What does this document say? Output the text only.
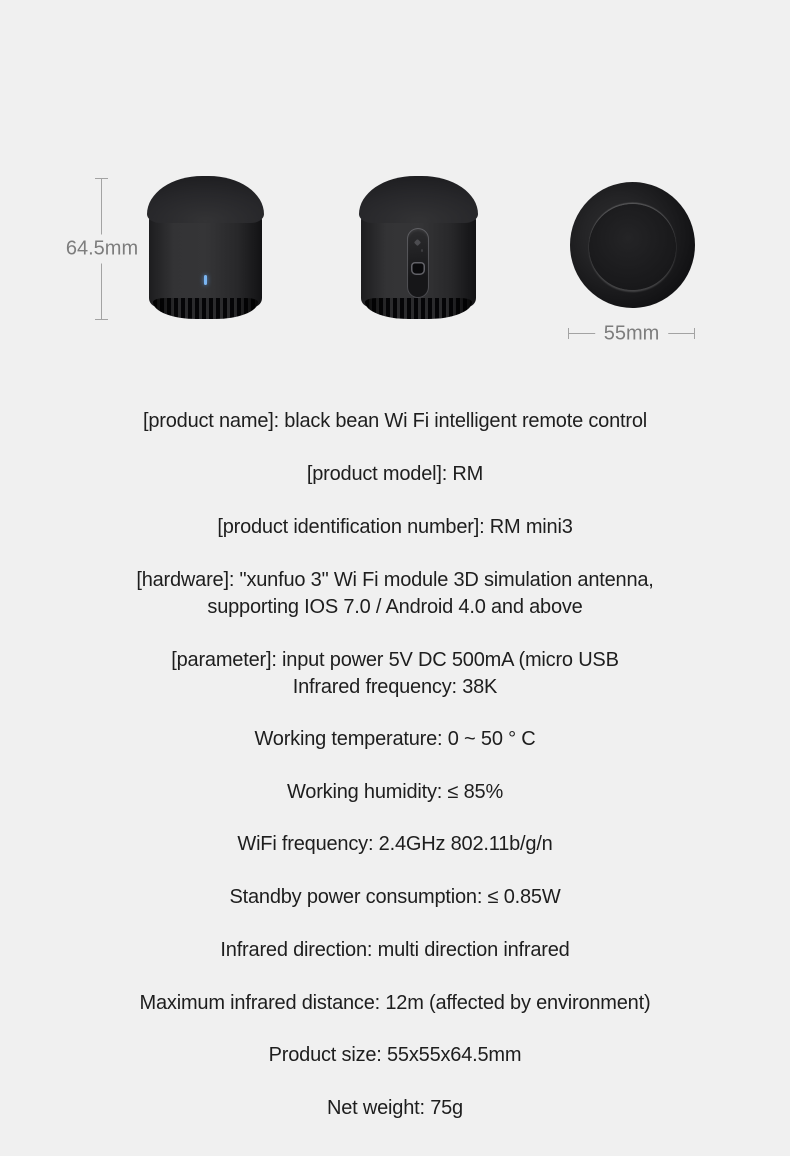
64.5mm
55mm
[product name]: black bean Wi Fi intelligent remote control
[product model]: RM
[product identification number]: RM mini3
[hardware]: "xunfuo 3" Wi Fi module 3D simulation antenna,
supporting IOS 7.0 / Android 4.0 and above
[parameter]: input power 5V DC 500mA (micro USB
Infrared frequency: 38K
Working temperature: 0 ~ 50 ° C
Working humidity: ≤ 85%
WiFi frequency: 2.4GHz 802.11b/g/n
Standby power consumption: ≤ 0.85W
Infrared direction: multi direction infrared
Maximum infrared distance: 12m (affected by environment)
Product size: 55x55x64.5mm
Net weight: 75g
